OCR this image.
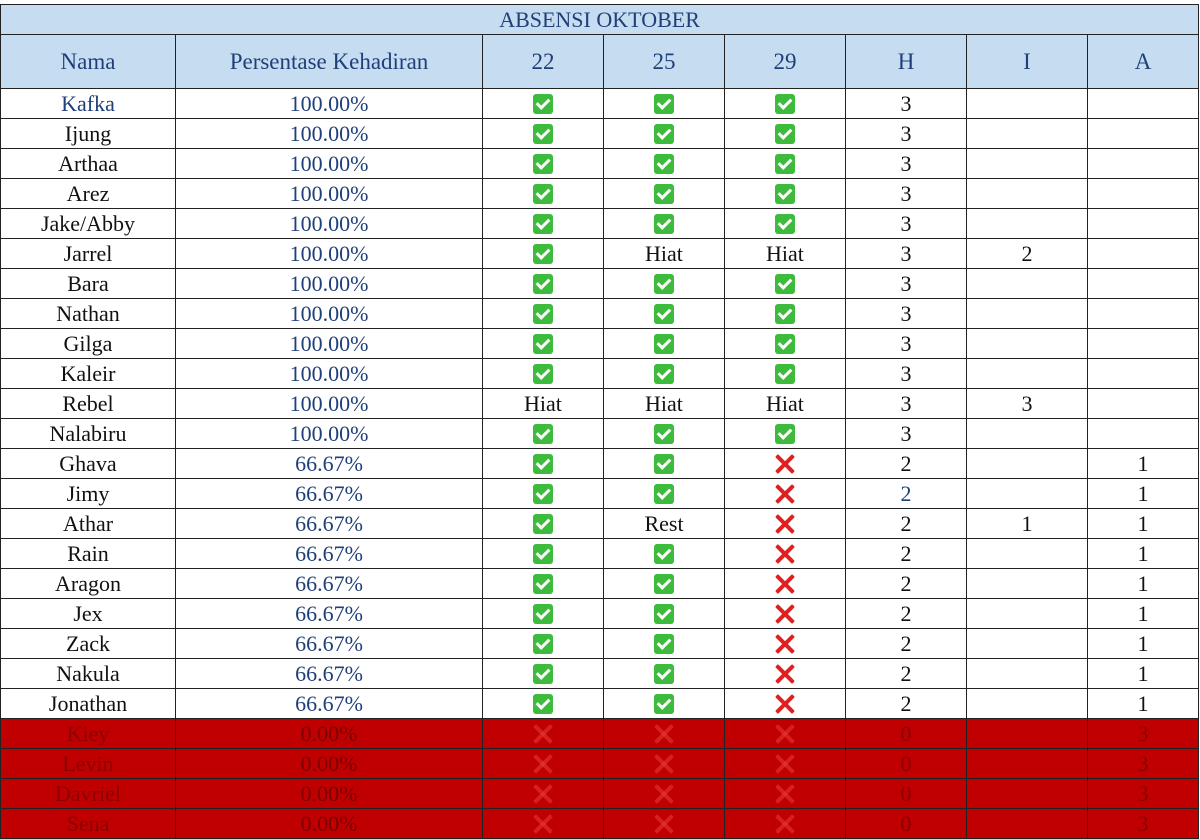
ABSENSI OKTOBER							
Nama	Persentase Kehadiran	22	25	29	H	I	A
Kafka	100.00%				3		
Ijung	100.00%				3		
Arthaa	100.00%				3		
Arez	100.00%				3		
Jake/Abby	100.00%				3		
Jarrel	100.00%		Hiat	Hiat	3	2	
Bara	100.00%				3		
Nathan	100.00%				3		
Gilga	100.00%				3		
Kaleir	100.00%				3		
Rebel	100.00%	Hiat	Hiat	Hiat	3	3	
Nalabiru	100.00%				3		
Ghava	66.67%				2		1
Jimy	66.67%				2		1
Athar	66.67%		Rest		2	1	1
Rain	66.67%				2		1
Aragon	66.67%				2		1
Jex	66.67%				2		1
Zack	66.67%				2		1
Nakula	66.67%				2		1
Jonathan	66.67%				2		1
Kiey	0.00%				0		3
Levin	0.00%				0		3
Davriel	0.00%				0		3
Sena	0.00%				0		3
